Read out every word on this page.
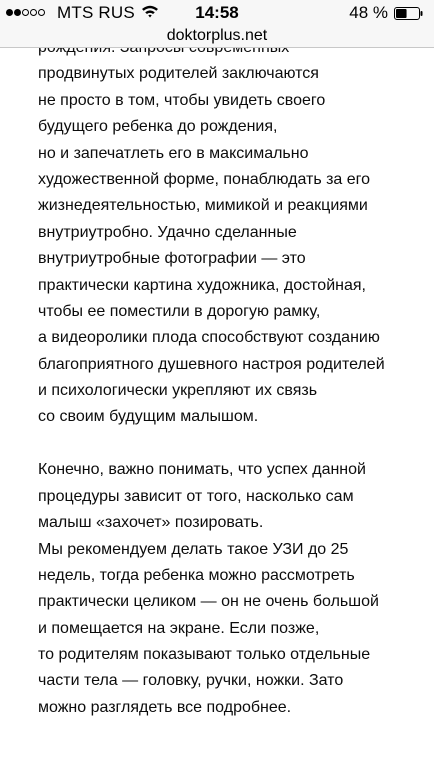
MTS RUS	14:58	48 %
doktorplus.net
продвинутых родителей заключаются
не просто в том, чтобы увидеть своего
будущего ребенка до рождения,
но и запечатлеть его в максимально
художественной форме, понаблюдать за его
жизнедеятельностью, мимикой и реакциями
внутриутробно. Удачно сделанные
внутриутробные фотографии — это
практически картина художника, достойная,
чтобы ее поместили в дорогую рамку,
а видеоролики плода способствуют созданию
благоприятного душевного настроя родителей
и психологически укрепляют их связь
со своим будущим малышом.
Конечно, важно понимать, что успех данной
процедуры зависит от того, насколько сам
малыш «захочет» позировать.
Мы рекомендуем делать такое УЗИ до 25
недель, тогда ребенка можно рассмотреть
практически целиком — он не очень большой
и помещается на экране. Если позже,
то родителям показывают только отдельные
части тела — головку, ручки, ножки. Зато
можно разглядеть все подробнее.
